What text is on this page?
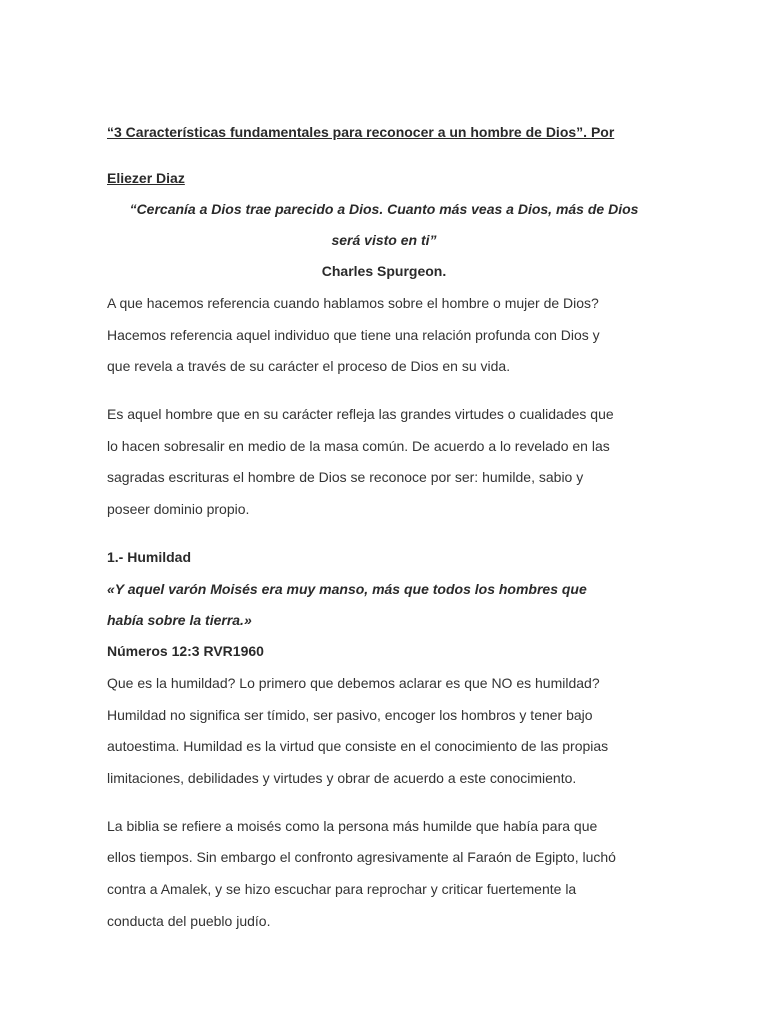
“3 Características fundamentales para reconocer a un hombre de Dios”. Por
Eliezer Diaz
“Cercanía a Dios trae parecido a Dios. Cuanto más veas a Dios, más de Dios
será visto en ti”
Charles Spurgeon.
A que hacemos referencia cuando hablamos sobre el hombre o mujer de Dios?
Hacemos referencia aquel individuo que tiene una relación profunda con Dios y
que revela a través de su carácter el proceso de Dios en su vida.
Es aquel hombre que en su carácter refleja las grandes virtudes o cualidades que
lo hacen sobresalir en medio de la masa común. De acuerdo a lo revelado en las
sagradas escrituras el hombre de Dios se reconoce por ser: humilde, sabio y
poseer dominio propio.
1.- Humildad
«Y aquel varón Moisés era muy manso, más que todos los hombres que
había sobre la tierra.»
Números 12:3 RVR1960
Que es la humildad? Lo primero que debemos aclarar es que NO es humildad?
Humildad no significa ser tímido, ser pasivo, encoger los hombros y tener bajo
autoestima. Humildad es la virtud que consiste en el conocimiento de las propias
limitaciones, debilidades y virtudes y obrar de acuerdo a este conocimiento.
La biblia se refiere a moisés como la persona más humilde que había para que
ellos tiempos. Sin embargo el confronto agresivamente al Faraón de Egipto, luchó
contra a Amalek, y se hizo escuchar para reprochar y criticar fuertemente la
conducta del pueblo judío.
